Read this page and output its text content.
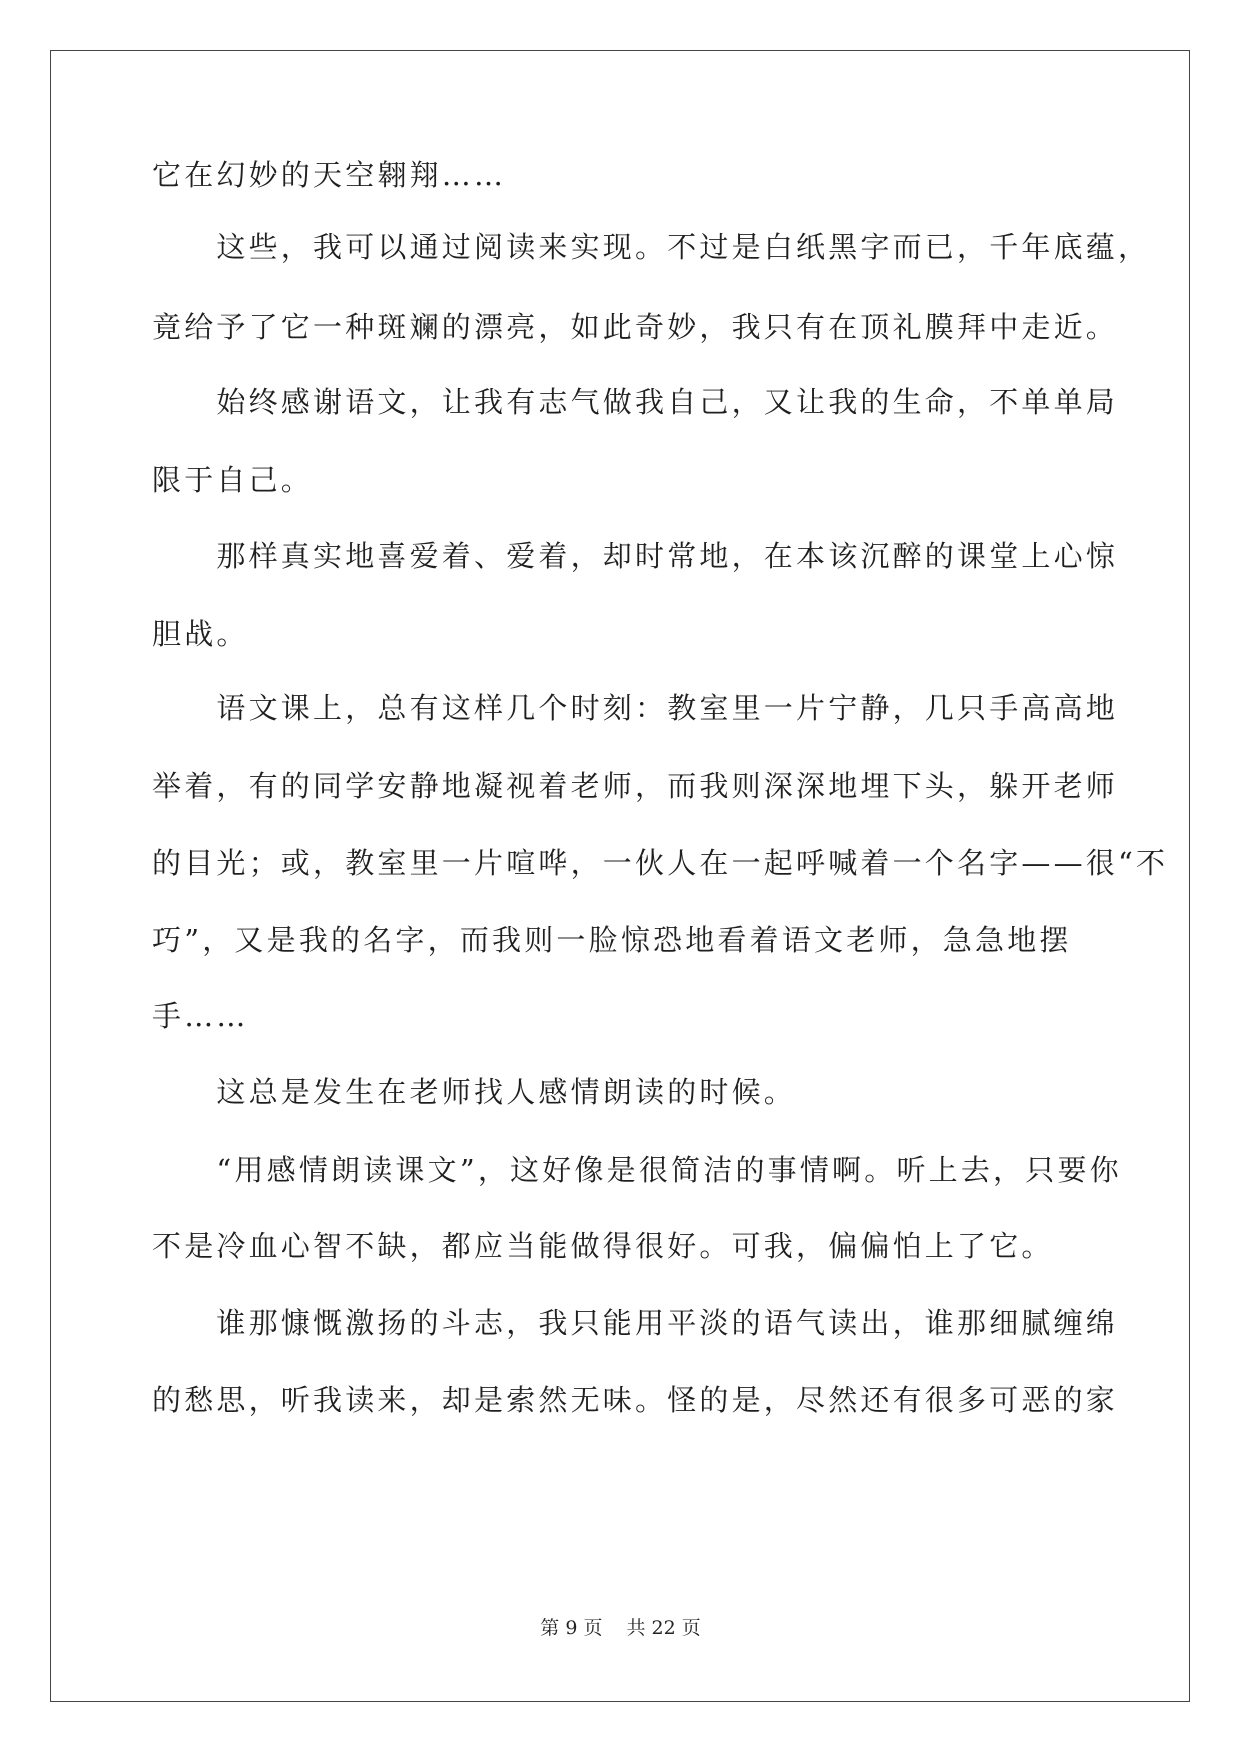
它在幻妙的天空翱翔……
　　这些，我可以通过阅读来实现。不过是白纸黑字而已，千年底蕴，
竟给予了它一种斑斓的漂亮，如此奇妙，我只有在顶礼膜拜中走近。
　　始终感谢语文，让我有志气做我自己，又让我的生命，不单单局
限于自己。
　　那样真实地喜爱着、爱着，却时常地，在本该沉醉的课堂上心惊
胆战。
　　语文课上，总有这样几个时刻：教室里一片宁静，几只手高高地
举着，有的同学安静地凝视着老师，而我则深深地埋下头，躲开老师
的目光；或，教室里一片喧哗，一伙人在一起呼喊着一个名字——很“不
巧”，又是我的名字，而我则一脸惊恐地看着语文老师，急急地摆
手……
　　这总是发生在老师找人感情朗读的时候。
　　“用感情朗读课文”，这好像是很简洁的事情啊。听上去，只要你
不是冷血心智不缺，都应当能做得很好。可我，偏偏怕上了它。
　　谁那慷慨激扬的斗志，我只能用平淡的语气读出，谁那细腻缠绵
的愁思，听我读来，却是索然无味。怪的是，尽然还有很多可恶的家
第 9 页 共 22 页
